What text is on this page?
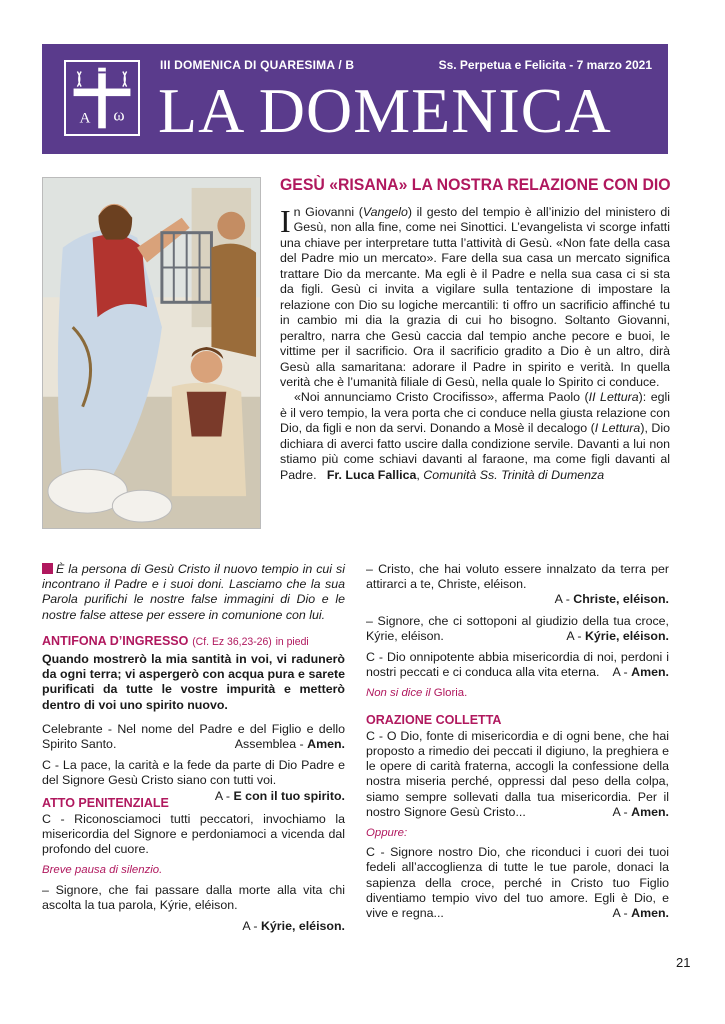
A ω
III DOMENICA DI QUARESIMA / B	Ss. Perpetua e Felicita - 7 marzo 2021
LA DOMENICA
GESÙ «RISANA» LA NOSTRA RELAZIONE CON DIO

In Giovanni (Vangelo) il gesto del tempio è all’inizio del ministero di Gesù, non alla fine, come nei Sinottici. L’evangelista vi scorge infatti una chiave per interpretare tutta l’attività di Gesù. «Non fate della casa del Padre mio un mercato». Fare della sua casa un mercato significa trattare Dio da mercante. Ma egli è il Padre e nella sua casa ci si sta da figli. Gesù ci invita a vigilare sulla tentazione di impostare la relazione con Dio su logiche mercantili: ti offro un sacrificio affinché tu in cambio mi dia la grazia di cui ho bisogno. Soltanto Giovanni, peraltro, narra che Gesù caccia dal tempio anche pecore e buoi, le vittime per il sacrificio. Ora il sacrificio gradito a Dio è un altro, dirà Gesù alla samaritana: adorare il Padre in spirito e verità. In quella verità che è l’umanità filiale di Gesù, nella quale lo Spirito ci conduce.

«Noi annunciamo Cristo Crocifisso», afferma Paolo (II Lettura): egli è il vero tempio, la vera porta che ci conduce nella giusta relazione con Dio, da figli e non da servi. Donando a Mosè il decalogo (I Lettura), Dio dichiara di averci fatto uscire dalla condizione servile. Davanti a lui non stiamo più come schiavi davanti al faraone, ma come figli davanti al Padre. Fr. Luca Fallica, Comunità Ss. Trinità di Dumenza

È la persona di Gesù Cristo il nuovo tempio in cui si incontrano il Padre e i suoi doni. Lasciamo che la sua Parola purifichi le nostre false immagini di Dio e le nostre false attese per essere in comunione con lui.

ANTIFONA D’INGRESSO (Cf. Ez 36,23-26) in piedi

Quando mostrerò la mia santità in voi, vi radunerò da ogni terra; vi aspergerò con acqua pura e sarete purificati da tutte le vostre impurità e metterò dentro di voi uno spirito nuovo.

Celebrante - Nel nome del Padre e del Figlio e dello Spirito Santo.	Assemblea - Amen.

C - La pace, la carità e la fede da parte di Dio Padre e del Signore Gesù Cristo siano con tutti voi.
A - E con il tuo spirito.

ATTO PENITENZIALE

C - Riconosciamoci tutti peccatori, invochiamo la misericordia del Signore e perdoniamoci a vicenda dal profondo del cuore.

Breve pausa di silenzio.

– Signore, che fai passare dalla morte alla vita chi ascolta la tua parola, Kýrie, eléison.

A - Kýrie, eléison.

– Cristo, che hai voluto essere innalzato da terra per attirarci a te, Christe, eléison.

A - Christe, eléison.

– Signore, che ci sottoponi al giudizio della tua croce, Kýrie, eléison.	A - Kýrie, eléison.

C - Dio onnipotente abbia misericordia di noi, perdoni i nostri peccati e ci conduca alla vita eterna. A - Amen.

Non si dice il Gloria.

ORAZIONE COLLETTA

C - O Dio, fonte di misericordia e di ogni bene, che hai proposto a rimedio dei peccati il digiuno, la preghiera e le opere di carità fraterna, accogli la confessione della nostra miseria perché, oppressi dal peso della colpa, siamo sempre sollevati dalla tua misericordia. Per il nostro Signore Gesù Cristo...	A - Amen.

Oppure:

C - Signore nostro Dio, che riconduci i cuori dei tuoi fedeli all’accoglienza di tutte le tue parole, donaci la sapienza della croce, perché in Cristo tuo Figlio diventiamo tempio vivo del tuo amore. Egli è Dio, e vive e regna...	A - Amen.

21
